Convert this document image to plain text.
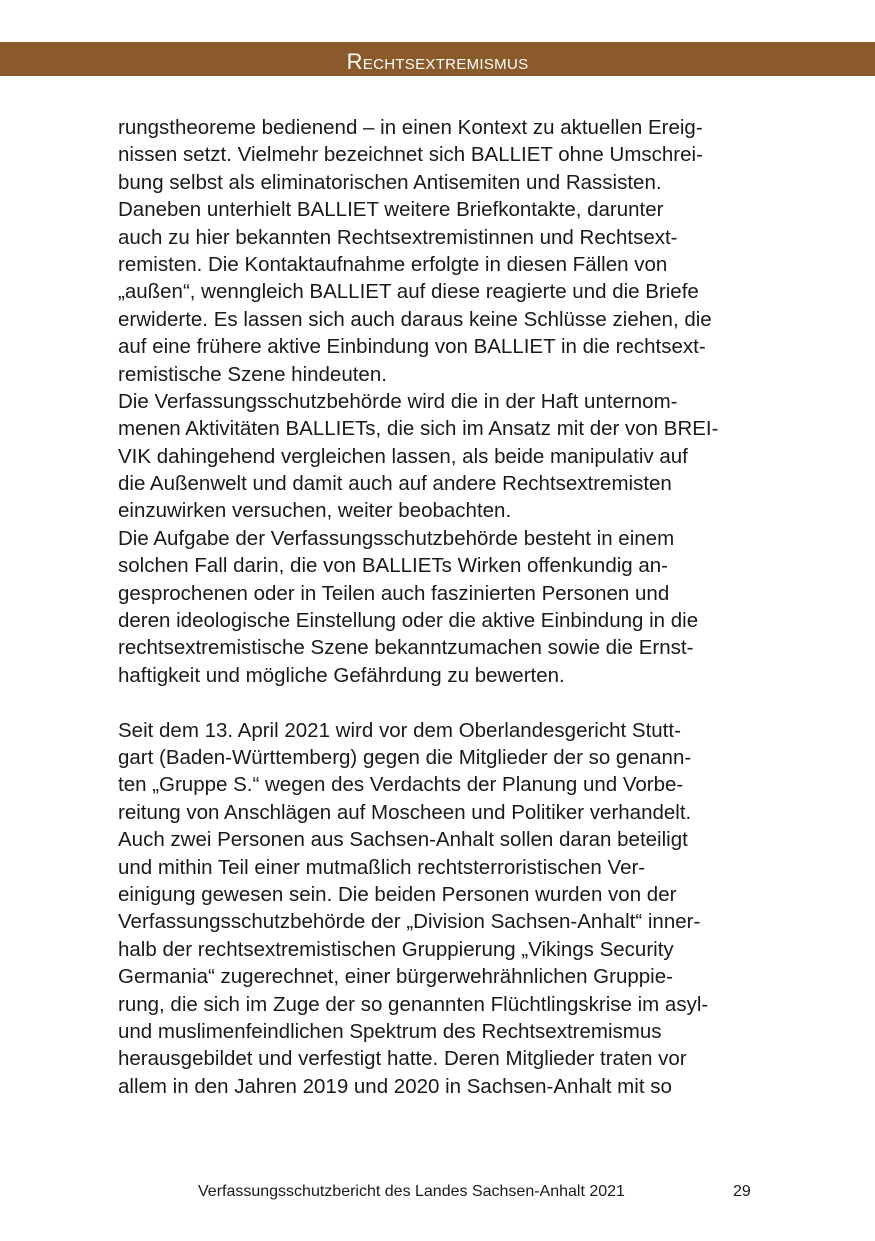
Rechtsextremismus
rungstheoreme bedienend – in einen Kontext zu aktuellen Ereig-
nissen setzt. Vielmehr bezeichnet sich BALLIET ohne Umschrei-
bung selbst als eliminatorischen Antisemiten und Rassisten.
Daneben unterhielt BALLIET weitere Briefkontakte, darunter
auch zu hier bekannten Rechtsextremistinnen und Rechtsext-
remisten. Die Kontaktaufnahme erfolgte in diesen Fällen von
„außen“, wenngleich BALLIET auf diese reagierte und die Briefe
erwiderte. Es lassen sich auch daraus keine Schlüsse ziehen, die
auf eine frühere aktive Einbindung von BALLIET in die rechtsext-
remistische Szene hindeuten.
Die Verfassungsschutzbehörde wird die in der Haft unternom-
menen Aktivitäten BALLIETs, die sich im Ansatz mit der von BREI-
VIK dahingehend vergleichen lassen, als beide manipulativ auf
die Außenwelt und damit auch auf andere Rechtsextremisten
einzuwirken versuchen, weiter beobachten.
Die Aufgabe der Verfassungsschutzbehörde besteht in einem
solchen Fall darin, die von BALLIETs Wirken offenkundig an-
gesprochenen oder in Teilen auch faszinierten Personen und
deren ideologische Einstellung oder die aktive Einbindung in die
rechtsextremistische Szene bekanntzumachen sowie die Ernst-
haftigkeit und mögliche Gefährdung zu bewerten.
Seit dem 13. April 2021 wird vor dem Oberlandesgericht Stutt-
gart (Baden-Württemberg) gegen die Mitglieder der so genann-
ten „Gruppe S.“ wegen des Verdachts der Planung und Vorbe-
reitung von Anschlägen auf Moscheen und Politiker verhandelt.
Auch zwei Personen aus Sachsen-Anhalt sollen daran beteiligt
und mithin Teil einer mutmaßlich rechtsterroristischen Ver-
einigung gewesen sein. Die beiden Personen wurden von der
Verfassungsschutzbehörde der „Division Sachsen-Anhalt“ inner-
halb der rechtsextremistischen Gruppierung „Vikings Security
Germania“ zugerechnet, einer bürgerwehrähnlichen Gruppie-
rung, die sich im Zuge der so genannten Flüchtlingskrise im asyl-
und muslimenfeindlichen Spektrum des Rechtsextremismus
herausgebildet und verfestigt hatte. Deren Mitglieder traten vor
allem in den Jahren 2019 und 2020 in Sachsen-Anhalt mit so
Verfassungsschutzbericht des Landes Sachsen-Anhalt 2021	29
